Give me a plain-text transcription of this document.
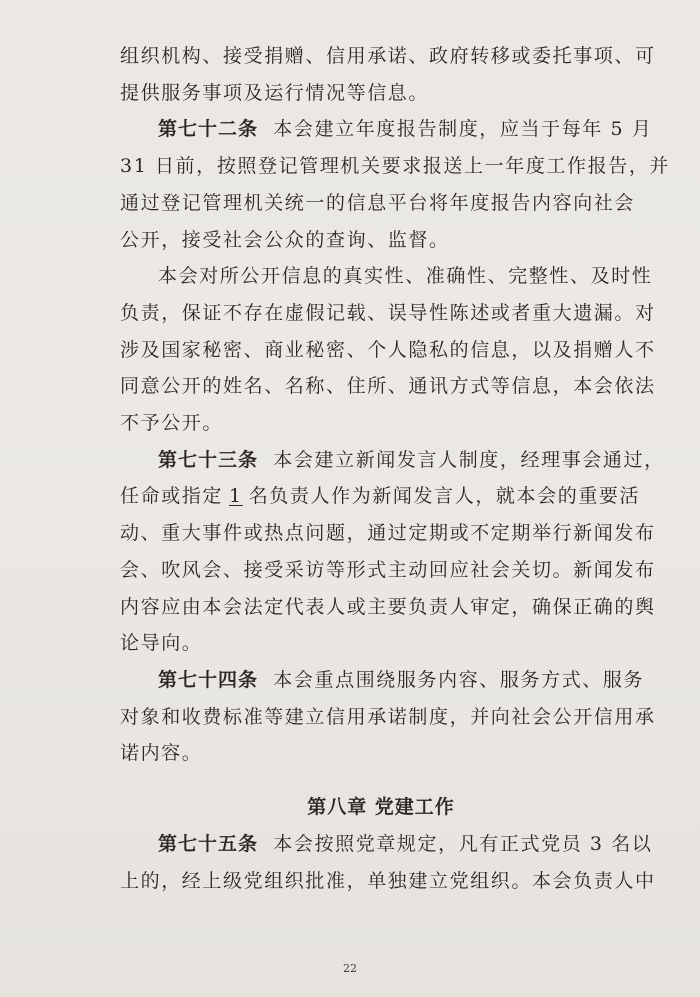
组织机构、接受捐赠、信用承诺、政府转移或委托事项、可
提供服务事项及运行情况等信息。

第七十二条 本会建立年度报告制度，应当于每年 5 月
31 日前，按照登记管理机关要求报送上一年度工作报告，并
通过登记管理机关统一的信息平台将年度报告内容向社会
公开，接受社会公众的查询、监督。

本会对所公开信息的真实性、准确性、完整性、及时性
负责，保证不存在虚假记载、误导性陈述或者重大遗漏。对
涉及国家秘密、商业秘密、个人隐私的信息，以及捐赠人不
同意公开的姓名、名称、住所、通讯方式等信息，本会依法
不予公开。

第七十三条 本会建立新闻发言人制度，经理事会通过，
任命或指定 1 名负责人作为新闻发言人，就本会的重要活
动、重大事件或热点问题，通过定期或不定期举行新闻发布
会、吹风会、接受采访等形式主动回应社会关切。新闻发布
内容应由本会法定代表人或主要负责人审定，确保正确的舆
论导向。

第七十四条 本会重点围绕服务内容、服务方式、服务
对象和收费标准等建立信用承诺制度，并向社会公开信用承
诺内容。

第八章 党建工作

第七十五条 本会按照党章规定，凡有正式党员 3 名以
上的，经上级党组织批准，单独建立党组织。本会负责人中

22
